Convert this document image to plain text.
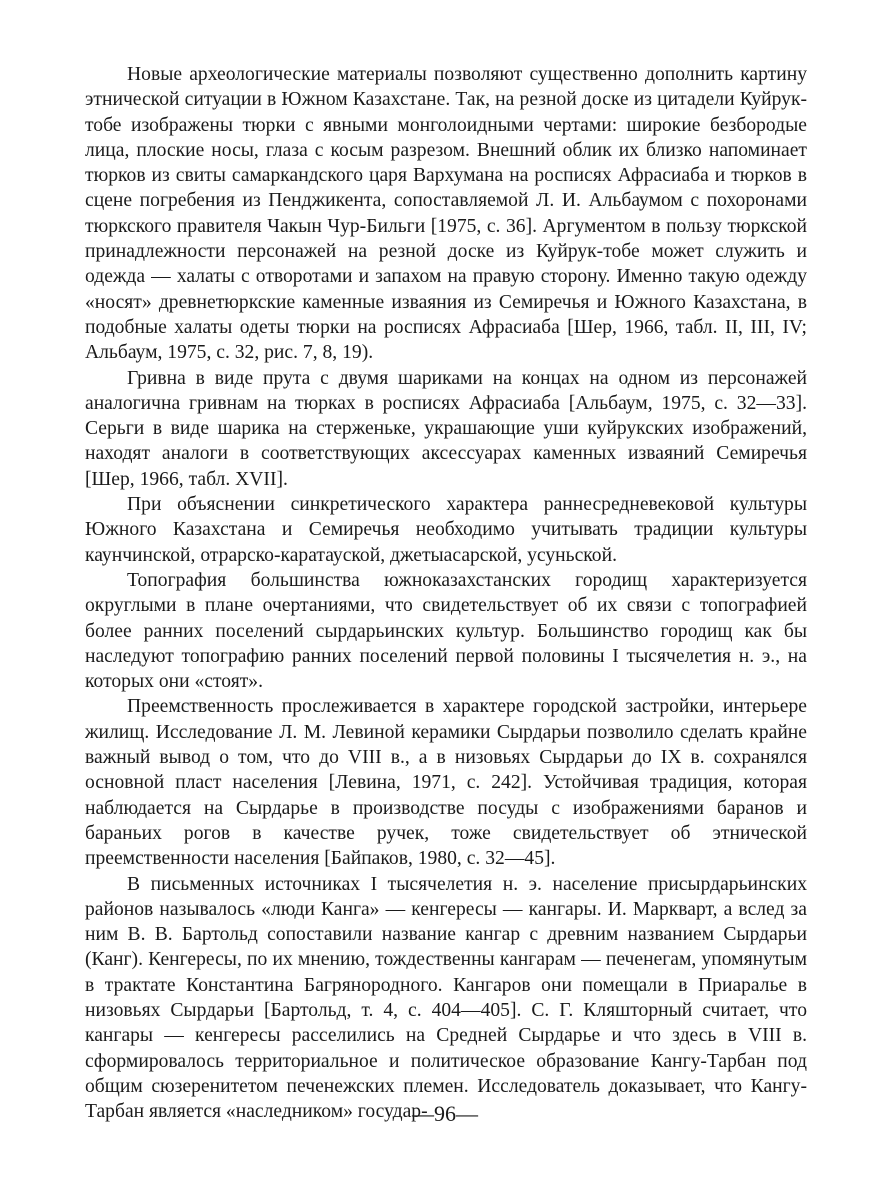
Новые археологические материалы позволяют существенно дополнить картину этнической ситуации в Южном Казахстане. Так, на резной доске из цитадели Куйрук-тобе изображены тюрки с явными монголоидными чертами: широкие безбородые лица, плоские носы, глаза с косым разрезом. Внешний облик их близко напоминает тюрков из свиты самаркандского царя Вархумана на росписях Афрасиаба и тюрков в сцене погребения из Пенджикента, сопоставляемой Л. И. Альбаумом с похоронами тюркского правителя Чакын Чур-Бильги [1975, с. 36]. Аргументом в пользу тюркской принадлежности персонажей на резной доске из Куйрук-тобе может служить и одежда — халаты с отворотами и запахом на правую сторону. Именно такую одежду «носят» древнетюркские каменные изваяния из Семиречья и Южного Казахстана, в подобные халаты одеты тюрки на росписях Афрасиаба [Шер, 1966, табл. II, III, IV; Альбаум, 1975, с. 32, рис. 7, 8, 19).

Гривна в виде прута с двумя шариками на концах на одном из персонажей аналогична гривнам на тюрках в росписях Афрасиаба [Альбаум, 1975, с. 32—33]. Серьги в виде шарика на стерженьке, украшающие уши куйрукских изображений, находят аналоги в соответствующих аксессуарах каменных изваяний Семиречья [Шер, 1966, табл. XVII].

При объяснении синкретического характера раннесредневековой культуры Южного Казахстана и Семиречья необходимо учитывать традиции культуры каунчинской, отрарско-каратауской, джетыасарской, усуньской.

Топография большинства южноказахстанских городищ характеризуется округлыми в плане очертаниями, что свидетельствует об их связи с топографией более ранних поселений сырдарьинских культур. Большинство городищ как бы наследуют топографию ранних поселений первой половины I тысячелетия н. э., на которых они «стоят».

Преемственность прослеживается в характере городской застройки, интерьере жилищ. Исследование Л. М. Левиной керамики Сырдарьи позволило сделать крайне важный вывод о том, что до VIII в., а в низовьях Сырдарьи до IX в. сохранялся основной пласт населения [Левина, 1971, с. 242]. Устойчивая традиция, которая наблюдается на Сырдарье в производстве посуды с изображениями баранов и бараньих рогов в качестве ручек, тоже свидетельствует об этнической преемственности населения [Байпаков, 1980, с. 32—45].

В письменных источниках I тысячелетия н. э. население присырдарьинских районов называлось «люди Канга» — кенгересы — кангары. И. Маркварт, а вслед за ним В. В. Бартольд сопоставили название кангар с древним названием Сырдарьи (Канг). Кенгересы, по их мнению, тождественны кангарам — печенегам, упомянутым в трактате Константина Багрянородного. Кангаров они помещали в Приаралье в низовьях Сырдарьи [Бартольд, т. 4, с. 404—405]. С. Г. Кляшторный считает, что кангары — кенгересы расселились на Средней Сырдарье и что здесь в VIII в. сформировалось территориальное и политическое образование Кангу-Тарбан под общим сюзеренитетом печенежских племен. Исследователь доказывает, что Кангу-Тарбан является «наследником» государ-

—96—
